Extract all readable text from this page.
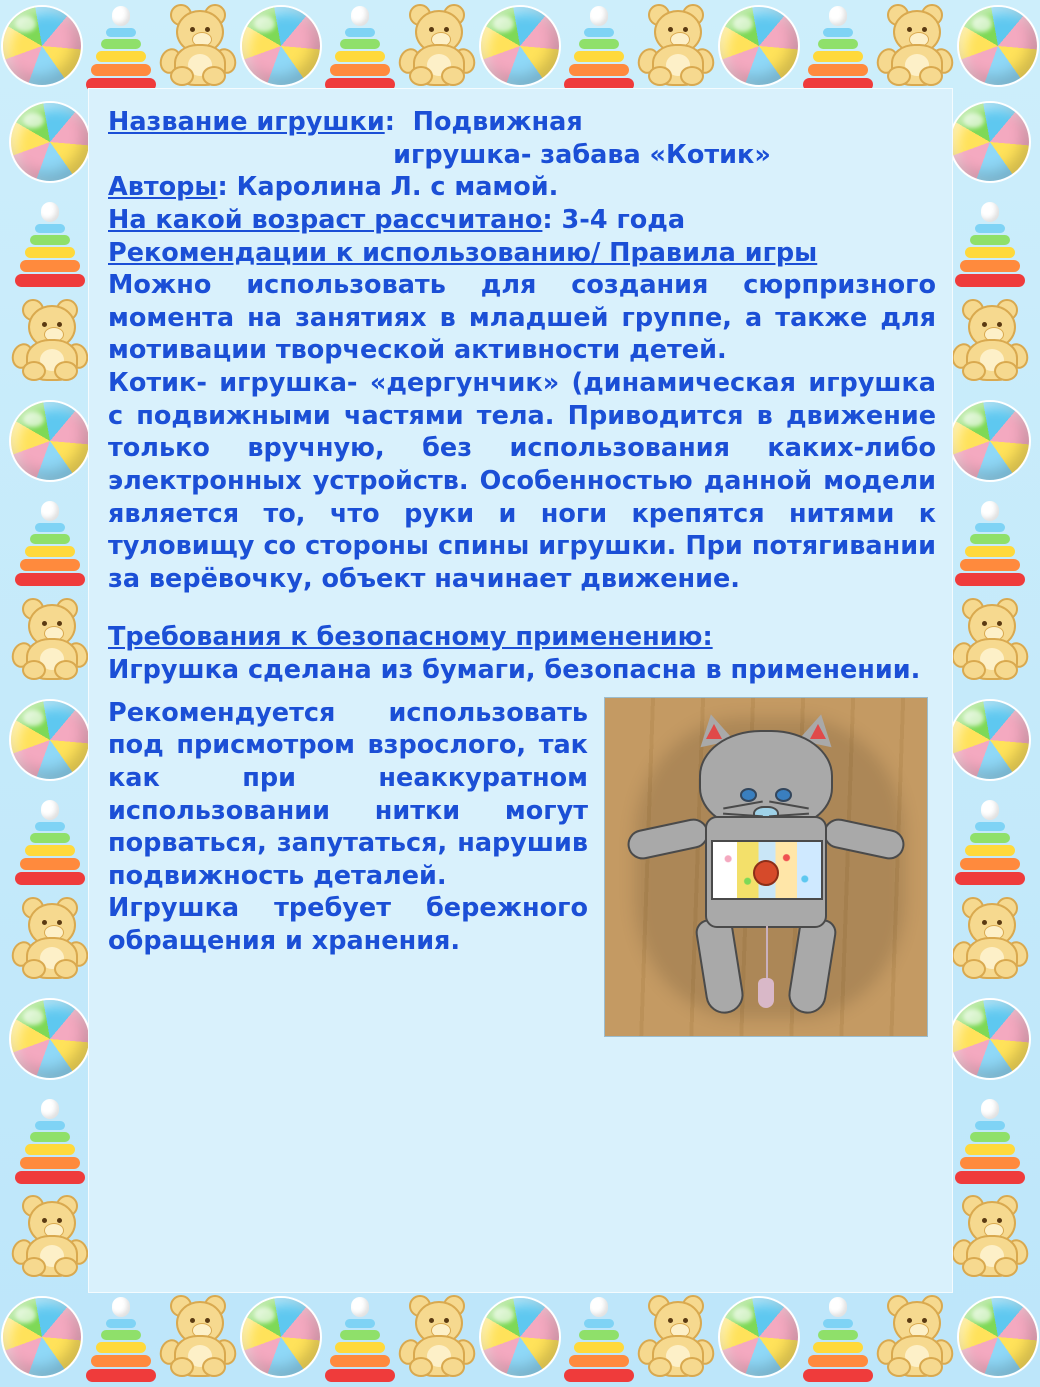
Название игрушки: Подвижная

игрушка- забава «Котик»

Авторы: Каролина Л. с мамой.

На какой возраст рассчитано: 3-4 года

Рекомендации к использованию/ Правила игры

Можно использовать для создания сюрпризного момента на занятиях в младшей группе, а также для мотивации творческой активности детей.

Котик- игрушка- «дергунчик» (динамическая игрушка с подвижными частями тела. Приводится в движение только вручную, без использования каких-либо электронных устройств. Особенностью данной модели является то, что руки и ноги крепятся нитями к туловищу со стороны спины игрушки. При потягивании за верёвочку, объект начинает движение.

Требования к безопасному применению:

Игрушка сделана из бумаги, безопасна в применении.

Рекомендуется использовать под присмотром взрослого, так как при неаккуратном использовании нитки могут порваться, запутаться, нарушив подвижность деталей.

Игрушка требует бережного обращения и хранения.
